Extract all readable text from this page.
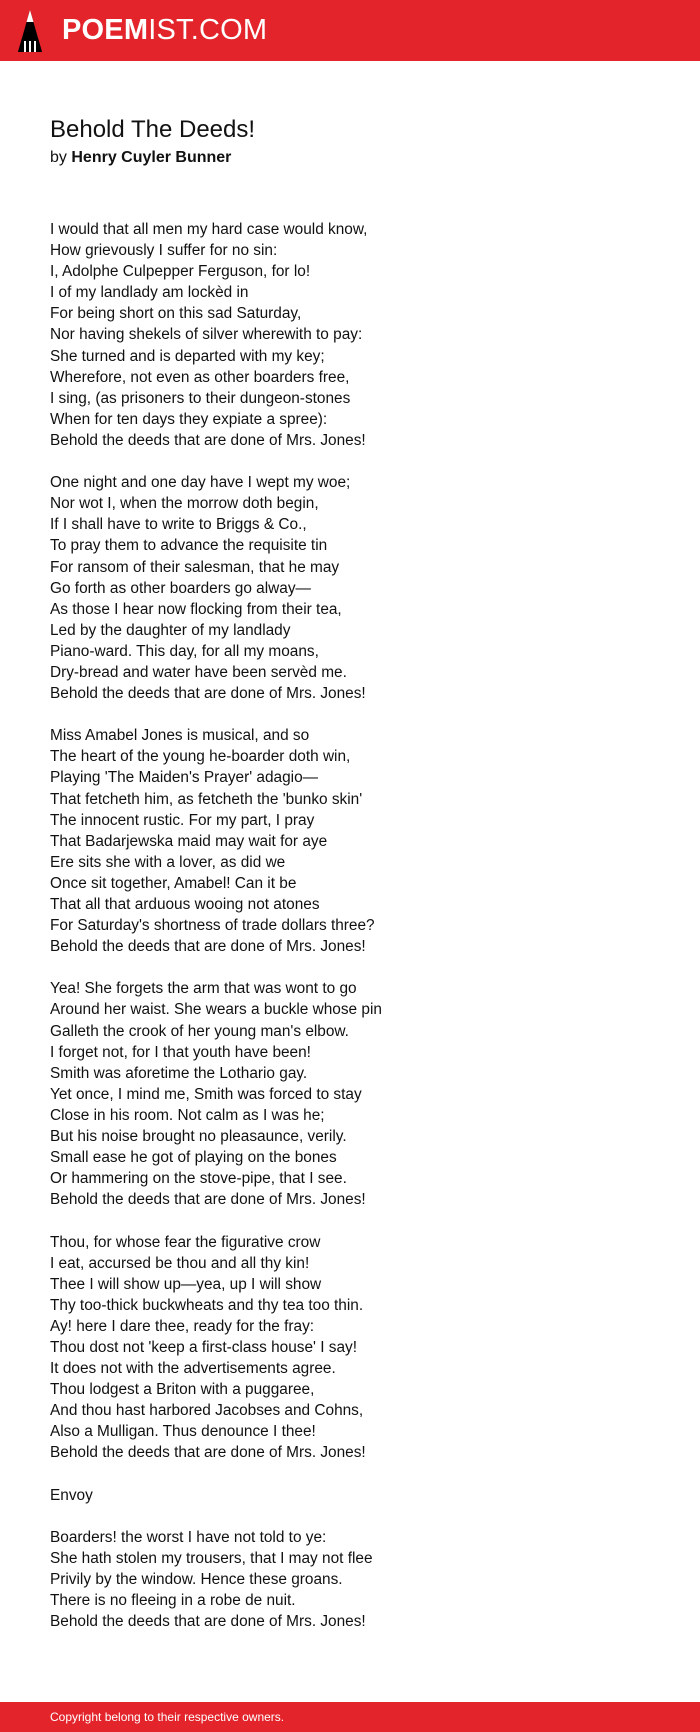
POEMIST.COM
Behold The Deeds!
by Henry Cuyler Bunner
I would that all men my hard case would know,
How grievously I suffer for no sin:
I, Adolphe Culpepper Ferguson, for lo!
I of my landlady am lockèd in
For being short on this sad Saturday,
Nor having shekels of silver wherewith to pay:
She turned and is departed with my key;
Wherefore, not even as other boarders free,
I sing, (as prisoners to their dungeon-stones
When for ten days they expiate a spree):
Behold the deeds that are done of Mrs. Jones!
One night and one day have I wept my woe;
Nor wot I, when the morrow doth begin,
If I shall have to write to Briggs & Co.,
To pray them to advance the requisite tin
For ransom of their salesman, that he may
Go forth as other boarders go alway—
As those I hear now flocking from their tea,
Led by the daughter of my landlady
Piano-ward. This day, for all my moans,
Dry-bread and water have been servèd me.
Behold the deeds that are done of Mrs. Jones!
Miss Amabel Jones is musical, and so
The heart of the young he-boarder doth win,
Playing 'The Maiden's Prayer' adagio—
That fetcheth him, as fetcheth the 'bunko skin'
The innocent rustic. For my part, I pray
That Badarjewska maid may wait for aye
Ere sits she with a lover, as did we
Once sit together, Amabel! Can it be
That all that arduous wooing not atones
For Saturday's shortness of trade dollars three?
Behold the deeds that are done of Mrs. Jones!
Yea! She forgets the arm that was wont to go
Around her waist. She wears a buckle whose pin
Galleth the crook of her young man's elbow.
I forget not, for I that youth have been!
Smith was aforetime the Lothario gay.
Yet once, I mind me, Smith was forced to stay
Close in his room. Not calm as I was he;
But his noise brought no pleasaunce, verily.
Small ease he got of playing on the bones
Or hammering on the stove-pipe, that I see.
Behold the deeds that are done of Mrs. Jones!
Thou, for whose fear the figurative crow
I eat, accursed be thou and all thy kin!
Thee I will show up—yea, up I will show
Thy too-thick buckwheats and thy tea too thin.
Ay! here I dare thee, ready for the fray:
Thou dost not 'keep a first-class house' I say!
It does not with the advertisements agree.
Thou lodgest a Briton with a puggaree,
And thou hast harbored Jacobses and Cohns,
Also a Mulligan. Thus denounce I thee!
Behold the deeds that are done of Mrs. Jones!
Envoy
Boarders! the worst I have not told to ye:
She hath stolen my trousers, that I may not flee
Privily by the window. Hence these groans.
There is no fleeing in a robe de nuit.
Behold the deeds that are done of Mrs. Jones!
Copyright belong to their respective owners.
